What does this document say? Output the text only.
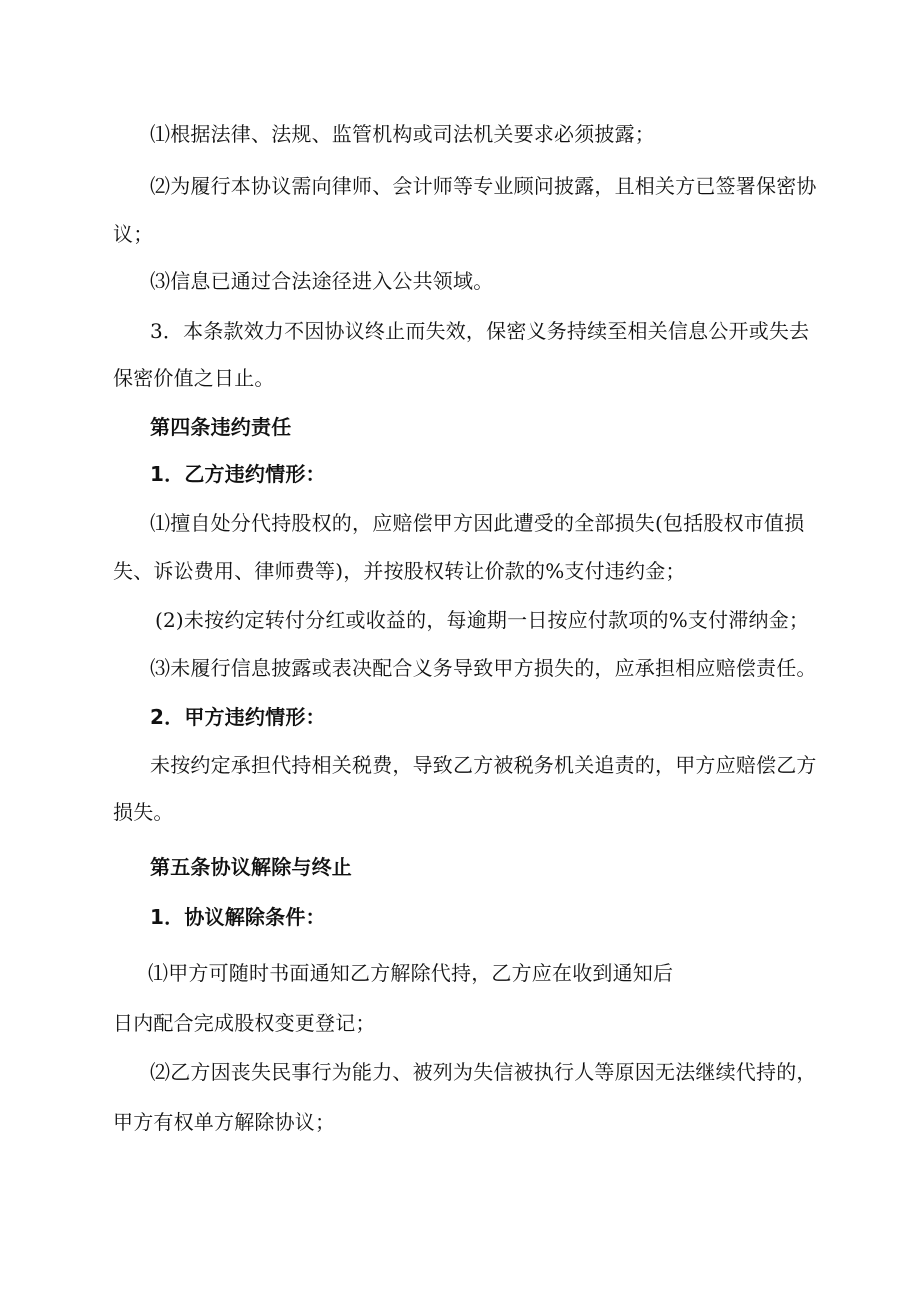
⑴根据法律、法规、监管机构或司法机关要求必须披露；
⑵为履行本协议需向律师、会计师等专业顾问披露，且相关方已签署保密协
议；
⑶信息已通过合法途径进入公共领域。
3．本条款效力不因协议终止而失效，保密义务持续至相关信息公开或失去
保密价值之日止。
第四条违约责任
1．乙方违约情形：
⑴擅自处分代持股权的，应赔偿甲方因此遭受的全部损失(包括股权市值损
失、诉讼费用、律师费等)，并按股权转让价款的%支付违约金；
(2)未按约定转付分红或收益的，每逾期一日按应付款项的%支付滞纳金；
⑶未履行信息披露或表决配合义务导致甲方损失的，应承担相应赔偿责任。
2．甲方违约情形：
未按约定承担代持相关税费，导致乙方被税务机关追责的，甲方应赔偿乙方
损失。
第五条协议解除与终止
1．协议解除条件：
⑴甲方可随时书面通知乙方解除代持，乙方应在收到通知后
日内配合完成股权变更登记；
⑵乙方因丧失民事行为能力、被列为失信被执行人等原因无法继续代持的，
甲方有权单方解除协议；
